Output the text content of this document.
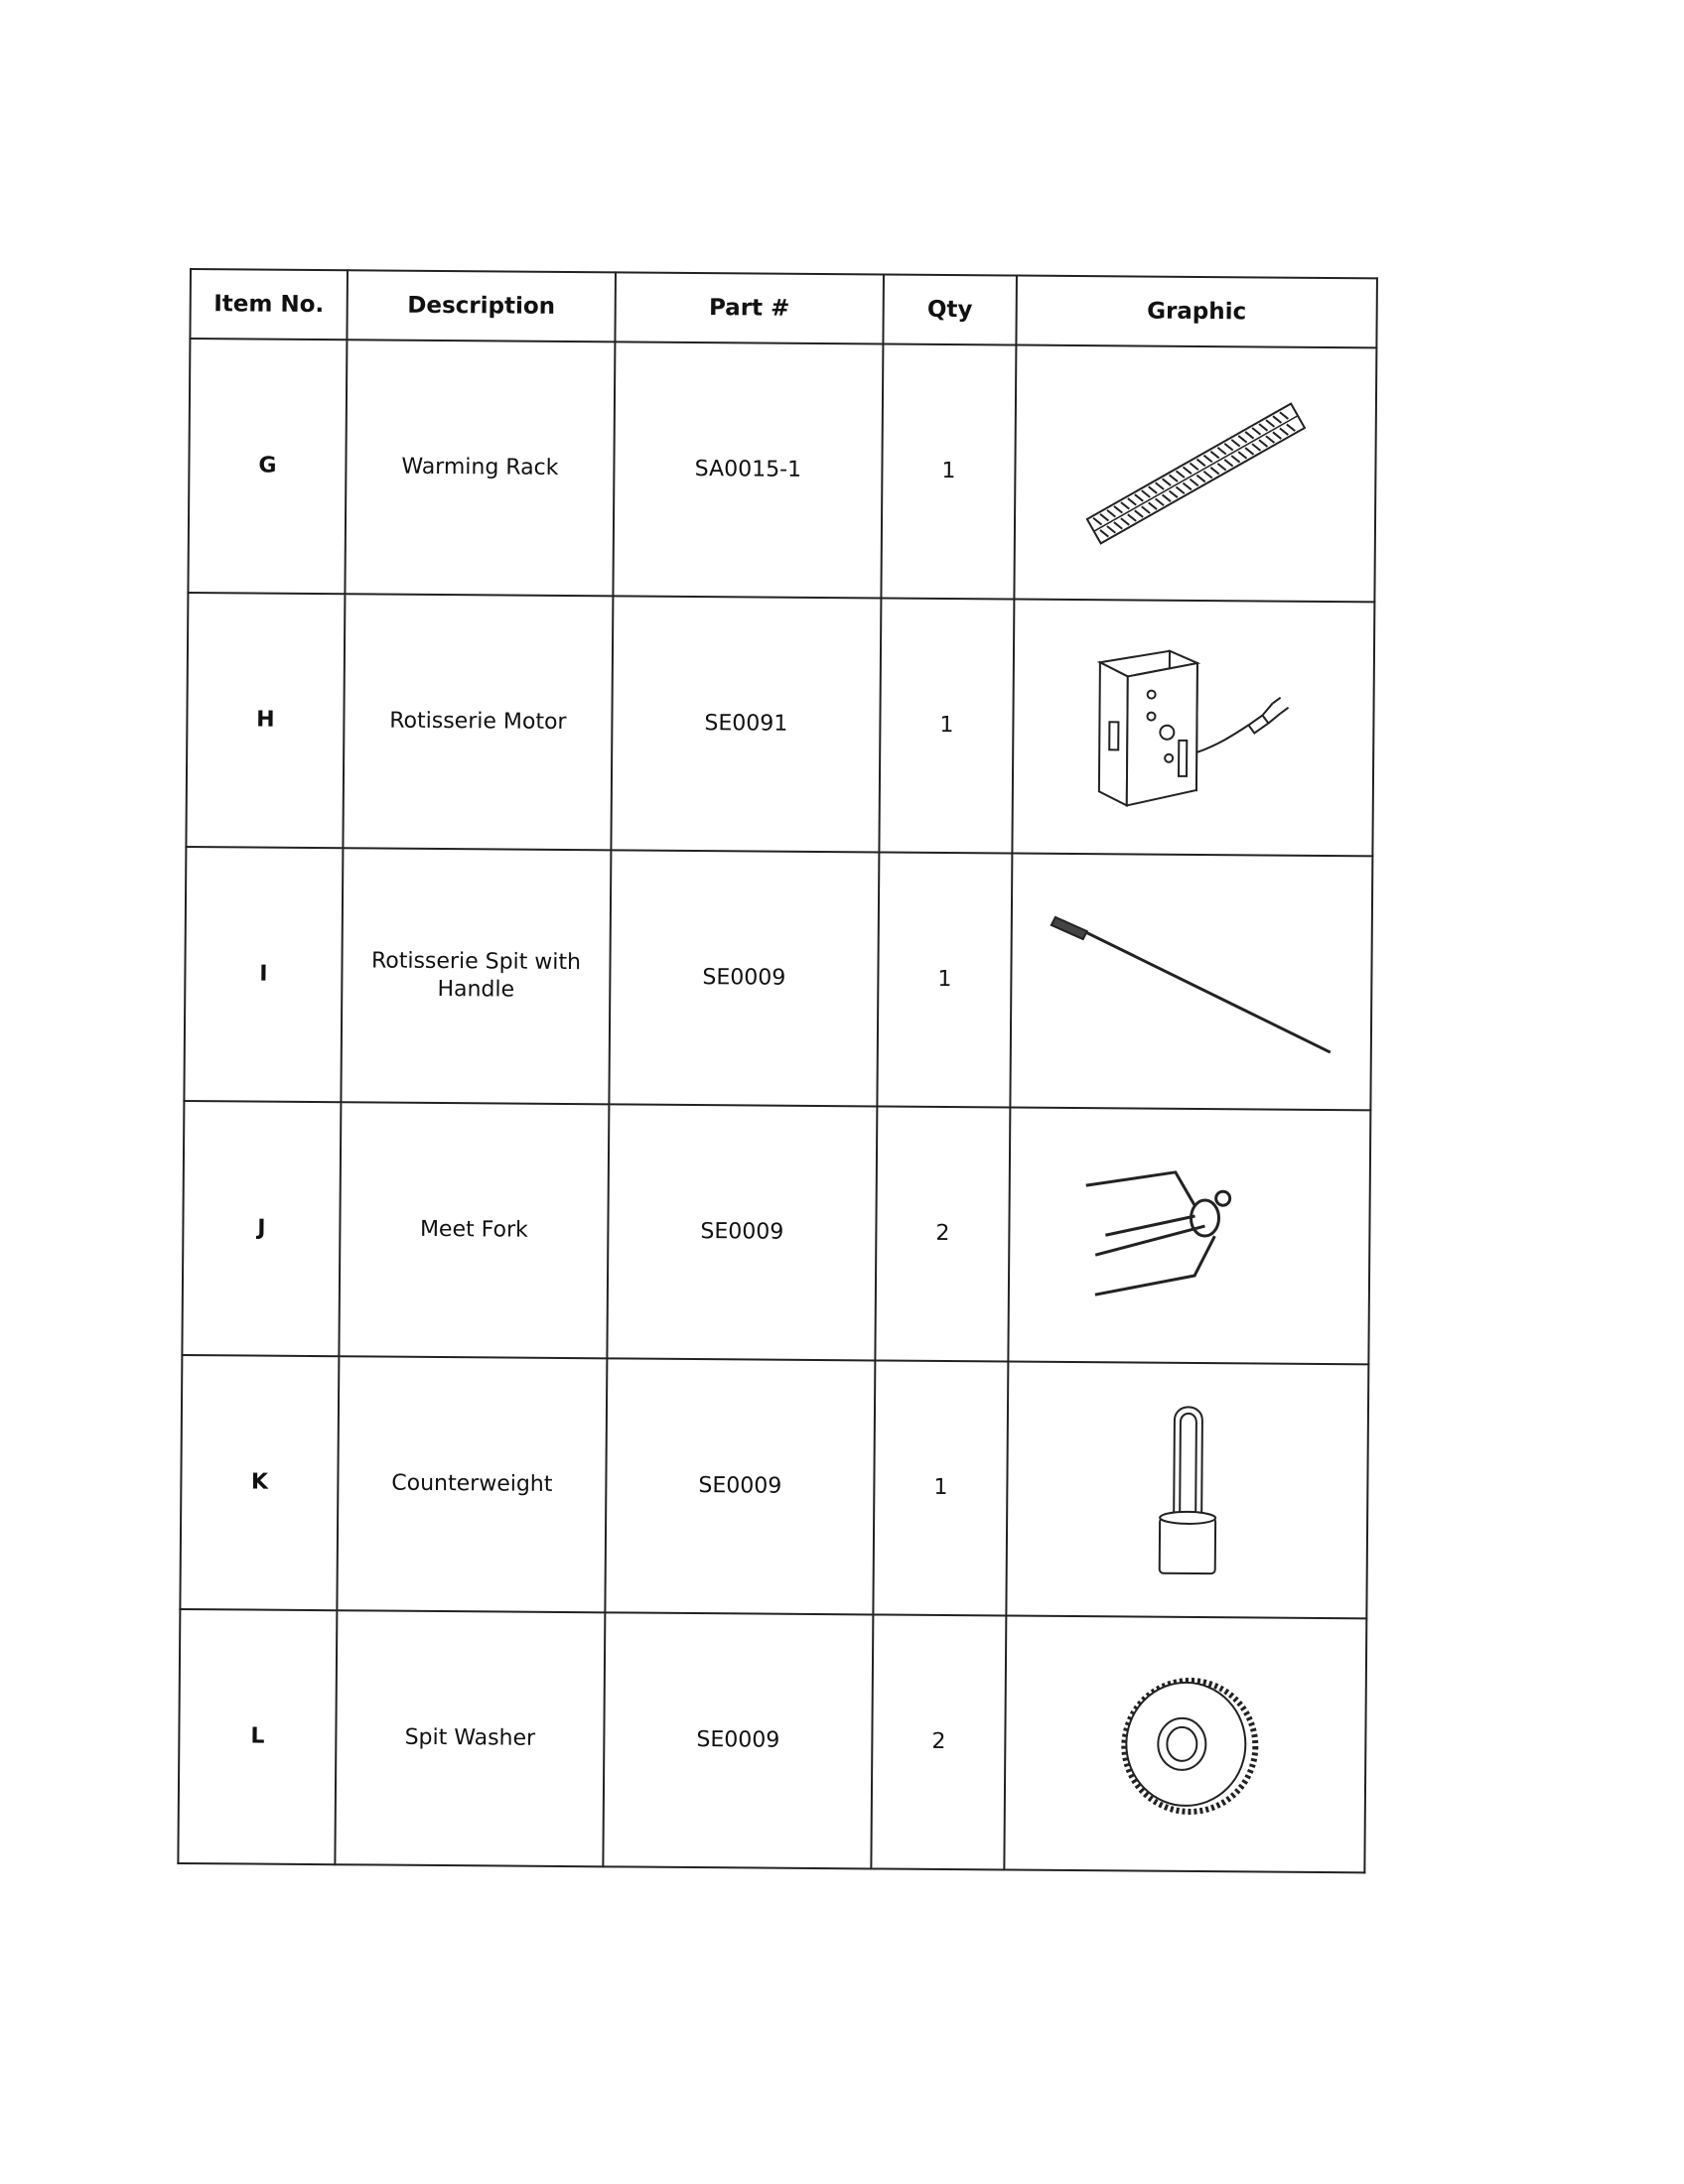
Item No.	Description	Part #	Qty	Graphic
G	Warming Rack	SA0015-1	1	

H	Rotisserie Motor	SE0091	1	

I	Rotisserie Spit with Handle	SE0009	1	

J	Meet Fork	SE0009	2	

K	Counterweight	SE0009	1	

L	Spit Washer	SE0009	2	
